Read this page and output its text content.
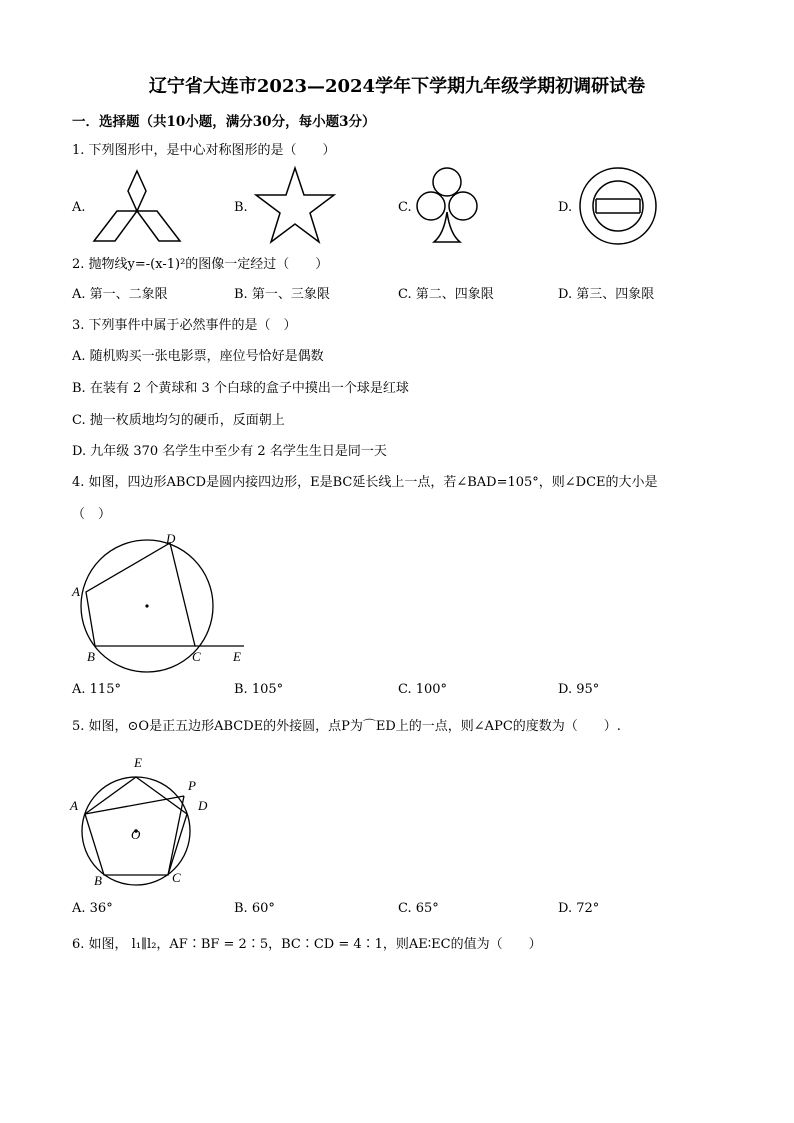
辽宁省大连市2023—2024学年下学期九年级学期初调研试卷
一．选择题（共10小题，满分30分，每小题3分）
1. 下列图形中，是中心对称图形的是（　　）
A.	B.	C.	D.
2. 抛物线y=-(x-1)²的图像一定经过（　　）
A. 第一、二象限	B. 第一、三象限	C. 第二、四象限	D. 第三、四象限
3. 下列事件中属于必然事件的是（　）
A. 随机购买一张电影票，座位号恰好是偶数
B. 在装有 2 个黄球和 3 个白球的盒子中摸出一个球是红球
C. 抛一枚质地均匀的硬币，反面朝上
D. 九年级 370 名学生中至少有 2 名学生生日是同一天
4. 如图，四边形ABCD是圆内接四边形，E是BC延长线上一点，若∠BAD=105°，则∠DCE的大小是
（　）
A
B	C
D
E
A. 115°	B. 105°	C. 100°	D. 95°
5. 如图，⊙O是正五边形ABCDE的外接圆，点P为⌒ED上的一点，则∠APC的度数为（　　）.
E
P
A	D
O
B	C
A. 36°	B. 60°	C. 65°	D. 72°
6. 如图， l₁∥l₂，AF∶BF = 2∶5，BC∶CD = 4∶1，则AE∶EC的值为（　　）
